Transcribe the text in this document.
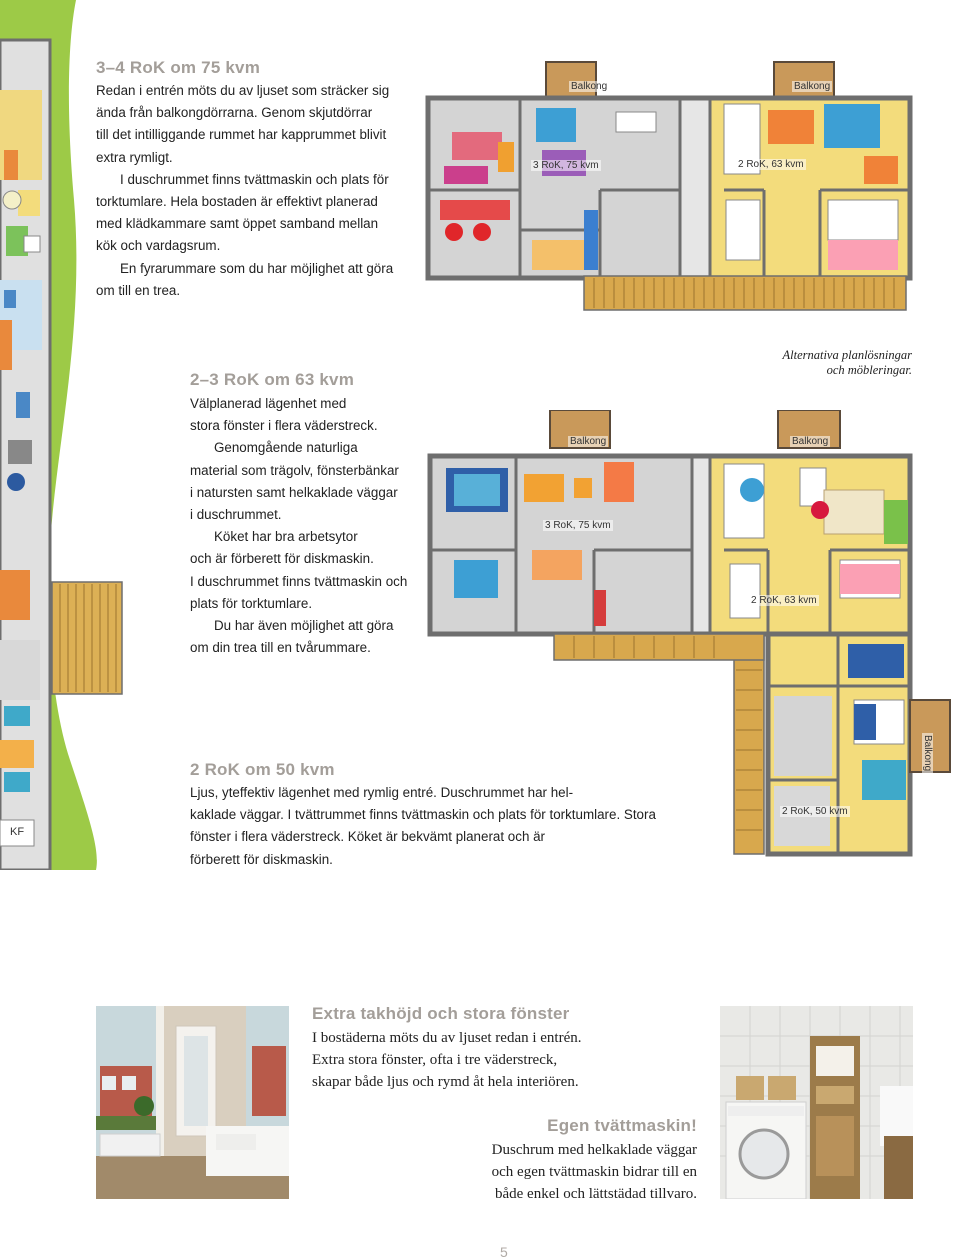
KF
3–4 RoK om 75 kvm

Redan i entrén möts du av ljuset som sträcker sig

ända från balkongdörrarna. Genom skjutdörrar

till det intilliggande rummet har kapprummet blivit

extra rymligt.

I duschrummet finns tvättmaskin och plats för

torktumlare. Hela bostaden är effektivt planerad

med klädkammare samt öppet samband mellan

kök och vardagsrum.

En fyrarummare som du har möjlighet att göra

om till en trea.

Balkong	Balkong
3 RoK, 75 kvm	2 RoK, 63 kvm
Alternativa planlösningar
och möbleringar.
2–3 RoK om 63 kvm

Välplanerad lägenhet med

stora fönster i flera väderstreck.

Genomgående naturliga

material som trägolv, fönsterbänkar

i natursten samt helkaklade väggar

i duschrummet.

Köket har bra arbetsytor

och är förberett för diskmaskin.

I duschrummet finns tvättmaskin och

plats för torktumlare.

Du har även möjlighet att göra

om din trea till en tvårummare.

Balkong	Balkong
3 RoK, 75 kvm
2 RoK, 63 kvm
Balkong
2 RoK, 50 kvm
2 RoK om 50 kvm

Ljus, yteffektiv lägenhet med rymlig entré. Duschrummet har hel-

kaklade väggar. I tvättrummet finns tvättmaskin och plats för torktumlare. Stora

fönster i flera väderstreck. Köket är bekvämt planerat och är

förberett för diskmaskin.

Extra takhöjd och stora fönster
I bostäderna möts du av ljuset redan i entrén.
Extra stora fönster, ofta i tre väderstreck,
skapar både ljus och rymd åt hela interiören.
Egen tvättmaskin!
Duschrum med helkaklade väggar
och egen tvättmaskin bidrar till en
både enkel och lättstädad tillvaro.
5
